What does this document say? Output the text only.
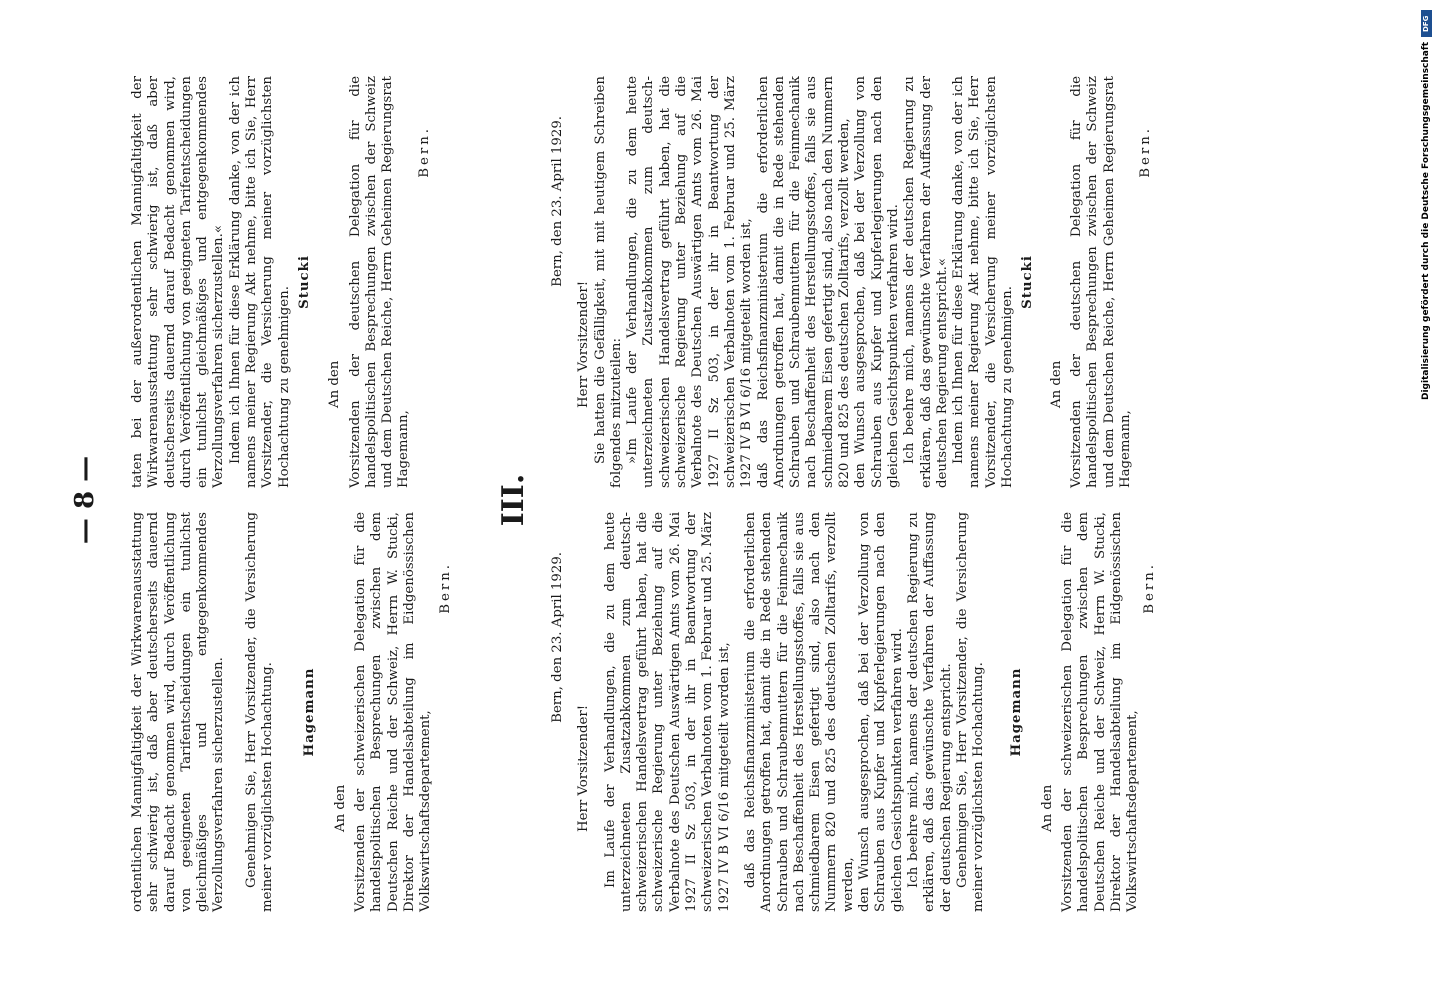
— 8 —

ordentlichen Mannigfaltigkeit der Wirkwarenausstattung sehr schwierig ist, daß aber deutscherseits dauernd darauf Bedacht genommen wird, durch Veröffentlichung von geeigneten Tarifentscheidungen ein tunlichst gleichmäßiges und entgegenkommendes Verzollungsverfahren sicherzustellen. Genehmigen Sie, Herr Vorsitzender, die Versicherung meiner vorzüglichsten Hochachtung. Hagemann

An den Vorsitzenden der schweizerischen Delegation für die handelspolitischen Besprechungen zwischen dem Deutschen Reiche und der Schweiz, Herrn W. Stucki, Direktor der Handelsabteilung im Eidgenössischen Volkswirtschaftsdepartement,

Bern.	Bern, den 23. April 1929.

Herr Vorsitzender! Im Laufe der Verhandlungen, die zu dem heute unterzeichneten Zusatzabkommen zum deutsch-schweizerischen Handelsvertrag geführt haben, hat die schweizerische Regierung unter Beziehung auf die Verbalnote des Deutschen Auswärtigen Amts vom 26. Mai 1927 II Sz 503, in der ihr in Beantwortung der schweizerischen Verbalnoten vom 1. Februar und 25. März 1927 IV B VI 6/16 mitgeteilt worden ist, daß das Reichsfinanzministerium die erforderlichen Anordnungen getroffen hat, damit die in Rede stehenden Schrauben und Schraubenmuttern für die Feinmechanik nach Beschaffenheit des Herstellungsstoffes, falls sie aus schmiedbarem Eisen gefertigt sind, also nach den Nummern 820 und 825 des deutschen Zolltarifs, verzollt werden, den Wunsch ausgesprochen, daß bei der Verzollung von Schrauben aus Kupfer und Kupferlegierungen nach den gleichen Gesichtspunkten verfahren wird. Ich beehre mich, namens der deutschen Regierung zu erklären, daß das gewünschte Verfahren der Auffassung der deutschen Regierung entspricht. Genehmigen Sie, Herr Vorsitzender, die Versicherung meiner vorzüglichsten Hochachtung. Hagemann

An den Vorsitzenden der schweizerischen Delegation für die handelspolitischen Besprechungen zwischen dem Deutschen Reiche und der Schweiz, Herrn W. Stucki, Direktor der Handelsabteilung im Eidgenössischen Volkswirtschaftsdepartement,

Bern.

III.

taten bei der außerordentlichen Mannigfaltigkeit der Wirkwarenausstattung sehr schwierig ist, daß aber deutscherseits dauernd darauf Bedacht genommen wird, durch Veröffentlichung von geeigneten Tarifentscheidungen ein tunlichst gleichmäßiges und entgegenkommendes Verzollungsverfahren sicherzustellen.« Indem ich Ihnen für diese Erklärung danke, von der ich namens meiner Regierung Akt nehme, bitte ich Sie, Herr Vorsitzender, die Versicherung meiner vorzüglichsten Hochachtung zu genehmigen.

Stucki

An den Vorsitzenden der deutschen Delegation für die handelspolitischen Besprechungen zwischen der Schweiz und dem Deutschen Reiche, Herrn Geheimen Regierungsrat Hagemann,

Bern.	Bern, den 23. April 1929.

Herr Vorsitzender! Sie hatten die Gefälligkeit, mit mit heutigem Schreiben folgendes mitzuteilen: »Im Laufe der Verhandlungen, die zu dem heute unterzeichneten Zusatzabkommen zum deutsch-schweizerischen Handelsvertrag geführt haben, hat die schweizerische Regierung unter Beziehung auf die Verbalnote des Deutschen Auswärtigen Amts vom 26. Mai 1927 II Sz 503, in der ihr in Beantwortung der schweizerischen Verbalnoten vom 1. Februar und 25. März 1927 IV B VI 6/16 mitgeteilt worden ist, daß das Reichsfinanzministerium die erforderlichen Anordnungen getroffen hat, damit die in Rede stehenden Schrauben und Schraubenmuttern für die Feinmechanik nach Beschaffenheit des Herstellungsstoffes, falls sie aus schmiedbarem Eisen gefertigt sind, also nach den Nummern 820 und 825 des deutschen Zolltarifs, verzollt werden, den Wunsch ausgesprochen, daß bei der Verzollung von Schrauben aus Kupfer und Kupferlegierungen nach den gleichen Gesichtspunkten verfahren wird. Ich beehre mich, namens der deutschen Regierung zu erklären, daß das gewünschte Verfahren der Auffassung der deutschen Regierung entspricht.« Indem ich Ihnen für diese Erklärung danke, von der ich namens meiner Regierung Akt nehme, bitte ich Sie, Herr Vorsitzender, die Versicherung meiner vorzüglichsten Hochachtung zu genehmigen.

Stucki

An den Vorsitzenden der deutschen Delegation für die handelspolitischen Besprechungen zwischen der Schweiz und dem Deutschen Reiche, Herrn Geheimen Regierungsrat Hagemann,

Bern.

DFG
Digitalisierung gefördert durch die Deutsche Forschungsgemeinschaft
